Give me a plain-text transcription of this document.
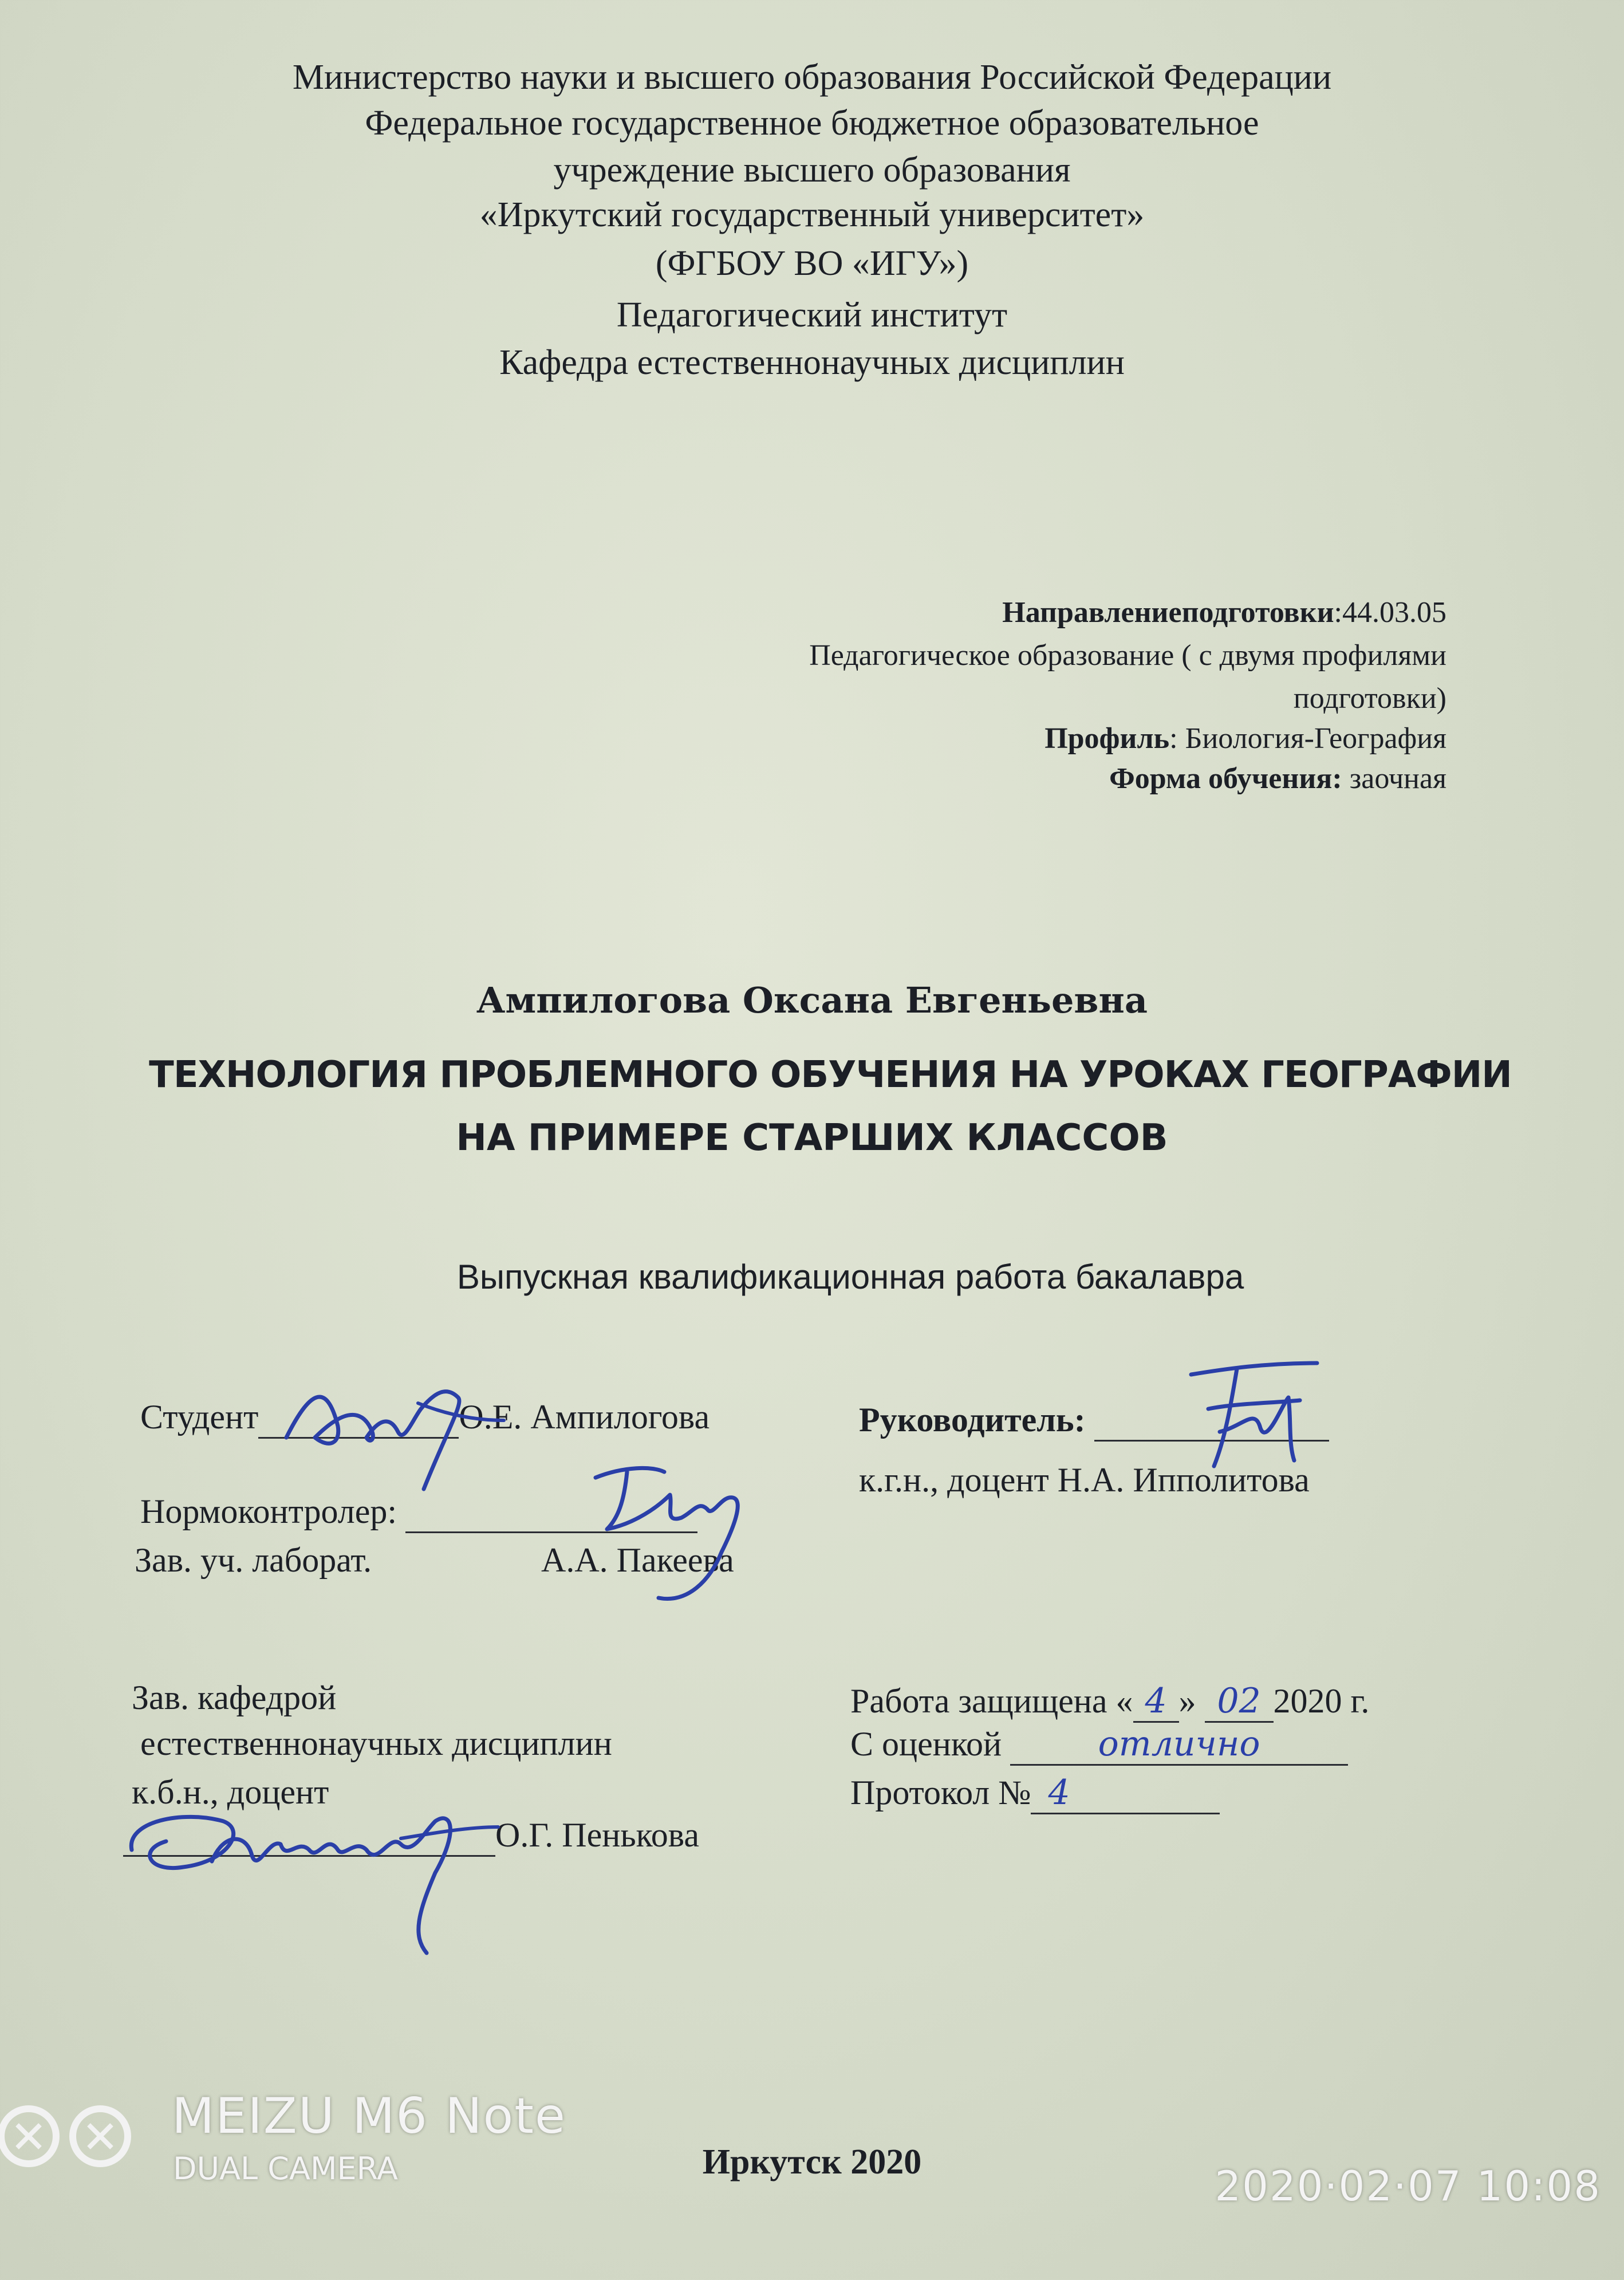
Министерство науки и высшего образования Российской Федерации
Федеральное государственное бюджетное образовательное
учреждение высшего образования
«Иркутский государственный университет»
(ФГБОУ ВО «ИГУ»)
Педагогический институт
Кафедра естественнонаучных дисциплин
Направлениеподготовки:44.03.05
Педагогическое образование ( с двумя профилями
подготовки)
Профиль: Биология-География
Форма обучения: заочная
Ампилогова Оксана Евгеньевна
ТЕХНОЛОГИЯ ПРОБЛЕМНОГО ОБУЧЕНИЯ НА УРОКАХ ГЕОГРАФИИ
НА ПРИМЕРЕ СТАРШИХ КЛАССОВ
Выпускная квалификационная работа бакалавра
Студент	О.Е. Ампилогова
Нормоконтролер:
Зав. уч. лаборат.	А.А. Пакеева
Зав. кафедрой
естественнонаучных дисциплин
к.б.н., доцент
О.Г. Пенькова
Руководитель:
к.г.н., доцент Н.А. Ипполитова
Работа защищена « 4 » 02 2020 г.
С оценкой	отлично
Протокол № 4
Иркутск 2020
MEIZU M6 Note
DUAL CAMERA	2020·02·07 10:08
